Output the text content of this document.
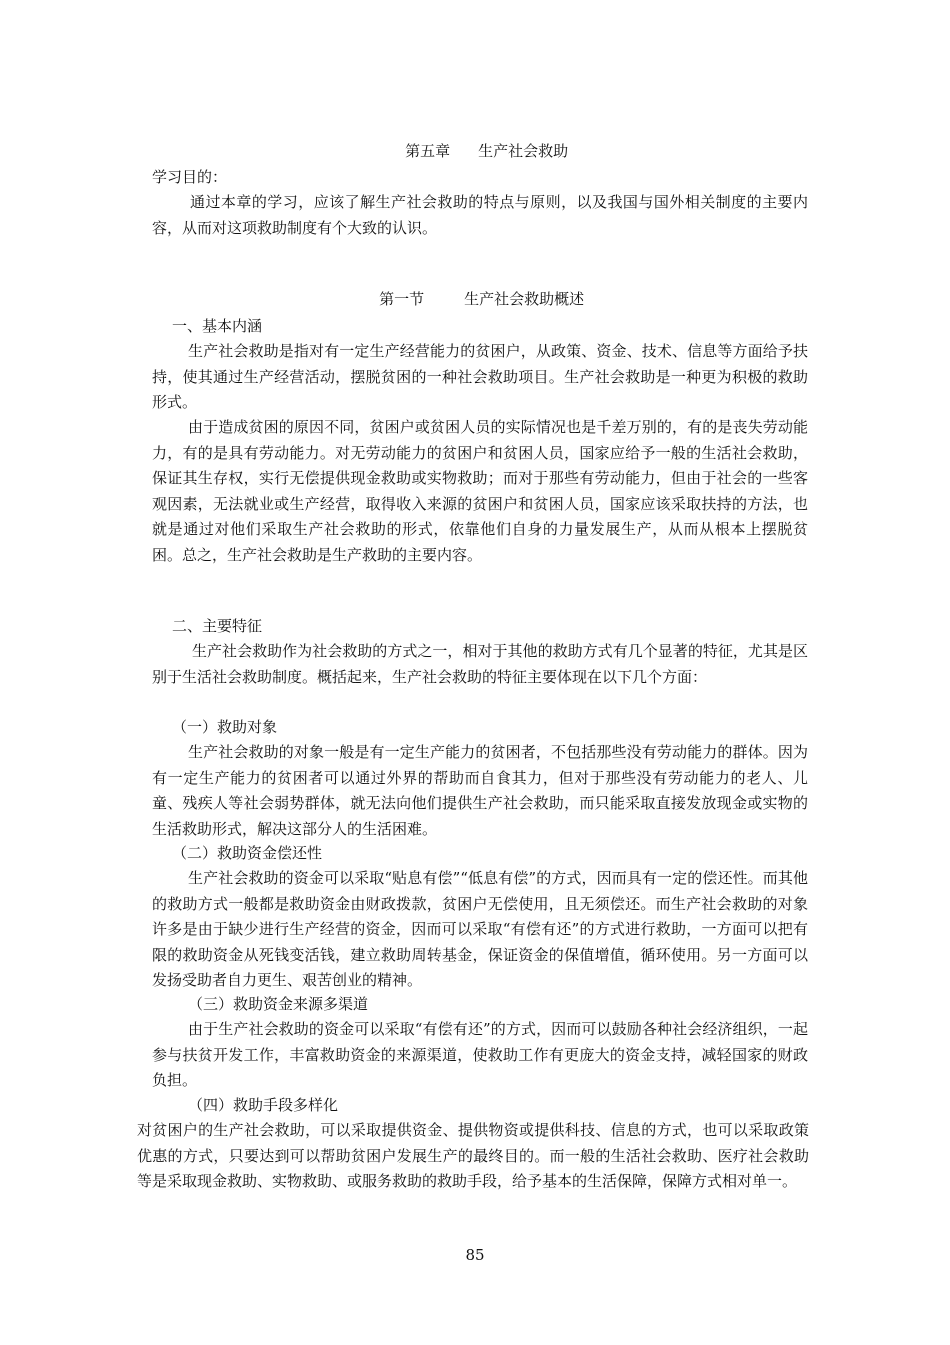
第五章 生产社会救助

学习目的：

通过本章的学习，应该了解生产社会救助的特点与原则，以及我国与国外相关制度的主要内容，从而对这项救助制度有个大致的认识。

第一节	生产社会救助概述

一、基本内涵

生产社会救助是指对有一定生产经营能力的贫困户，从政策、资金、技术、信息等方面给予扶持，使其通过生产经营活动，摆脱贫困的一种社会救助项目。生产社会救助是一种更为积极的救助形式。

由于造成贫困的原因不同，贫困户或贫困人员的实际情况也是千差万别的，有的是丧失劳动能力，有的是具有劳动能力。对无劳动能力的贫困户和贫困人员，国家应给予一般的生活社会救助，保证其生存权，实行无偿提供现金救助或实物救助；而对于那些有劳动能力，但由于社会的一些客观因素，无法就业或生产经营，取得收入来源的贫困户和贫困人员，国家应该采取扶持的方法，也就是通过对他们采取生产社会救助的形式，依靠他们自身的力量发展生产，从而从根本上摆脱贫困。总之，生产社会救助是生产救助的主要内容。

二、主要特征

生产社会救助作为社会救助的方式之一，相对于其他的救助方式有几个显著的特征，尤其是区别于生活社会救助制度。概括起来，生产社会救助的特征主要体现在以下几个方面：

（一）救助对象

生产社会救助的对象一般是有一定生产能力的贫困者，不包括那些没有劳动能力的群体。因为有一定生产能力的贫困者可以通过外界的帮助而自食其力，但对于那些没有劳动能力的老人、儿童、残疾人等社会弱势群体，就无法向他们提供生产社会救助，而只能采取直接发放现金或实物的生活救助形式，解决这部分人的生活困难。

（二）救助资金偿还性

生产社会救助的资金可以采取“贴息有偿”“低息有偿”的方式，因而具有一定的偿还性。而其他的救助方式一般都是救助资金由财政拨款，贫困户无偿使用，且无须偿还。而生产社会救助的对象许多是由于缺少进行生产经营的资金，因而可以采取“有偿有还”的方式进行救助，一方面可以把有限的救助资金从死钱变活钱，建立救助周转基金，保证资金的保值增值，循环使用。另一方面可以发扬受助者自力更生、艰苦创业的精神。

（三）救助资金来源多渠道

由于生产社会救助的资金可以采取“有偿有还”的方式，因而可以鼓励各种社会经济组织，一起参与扶贫开发工作，丰富救助资金的来源渠道，使救助工作有更庞大的资金支持，减轻国家的财政负担。

（四）救助手段多样化

对贫困户的生产社会救助，可以采取提供资金、提供物资或提供科技、信息的方式，也可以采取政策优惠的方式，只要达到可以帮助贫困户发展生产的最终目的。而一般的生活社会救助、医疗社会救助等是采取现金救助、实物救助、或服务救助的救助手段，给予基本的生活保障，保障方式相对单一。

85
